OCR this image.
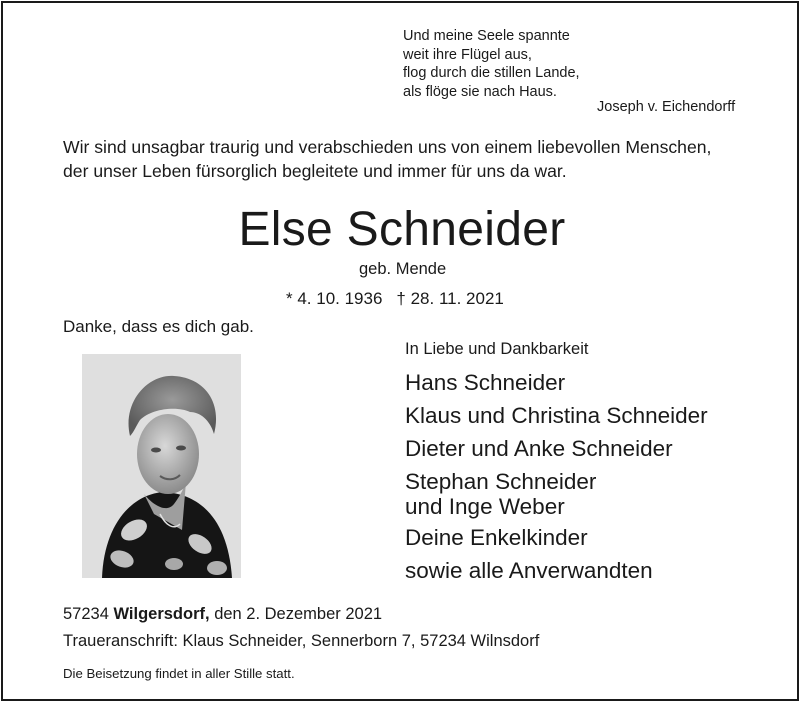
Und meine Seele spannte
weit ihre Flügel aus,
flog durch die stillen Lande,
als flöge sie nach Haus.
Joseph v. Eichendorff
Wir sind unsagbar traurig und verabschieden uns von einem liebevollen Menschen,
der unser Leben fürsorglich begleitete und immer für uns da war.
Else Schneider
geb. Mende
* 4. 10. 1936 † 28. 11. 2021
Danke, dass es dich gab.
In Liebe und Dankbarkeit
Hans Schneider
Klaus und Christina Schneider
Dieter und Anke Schneider
Stephan Schneider
und Inge Weber
Deine Enkelkinder
sowie alle Anverwandten
57234 Wilgersdorf, den 2. Dezember 2021
Traueranschrift: Klaus Schneider, Sennerborn 7, 57234 Wilnsdorf
Die Beisetzung findet in aller Stille statt.
